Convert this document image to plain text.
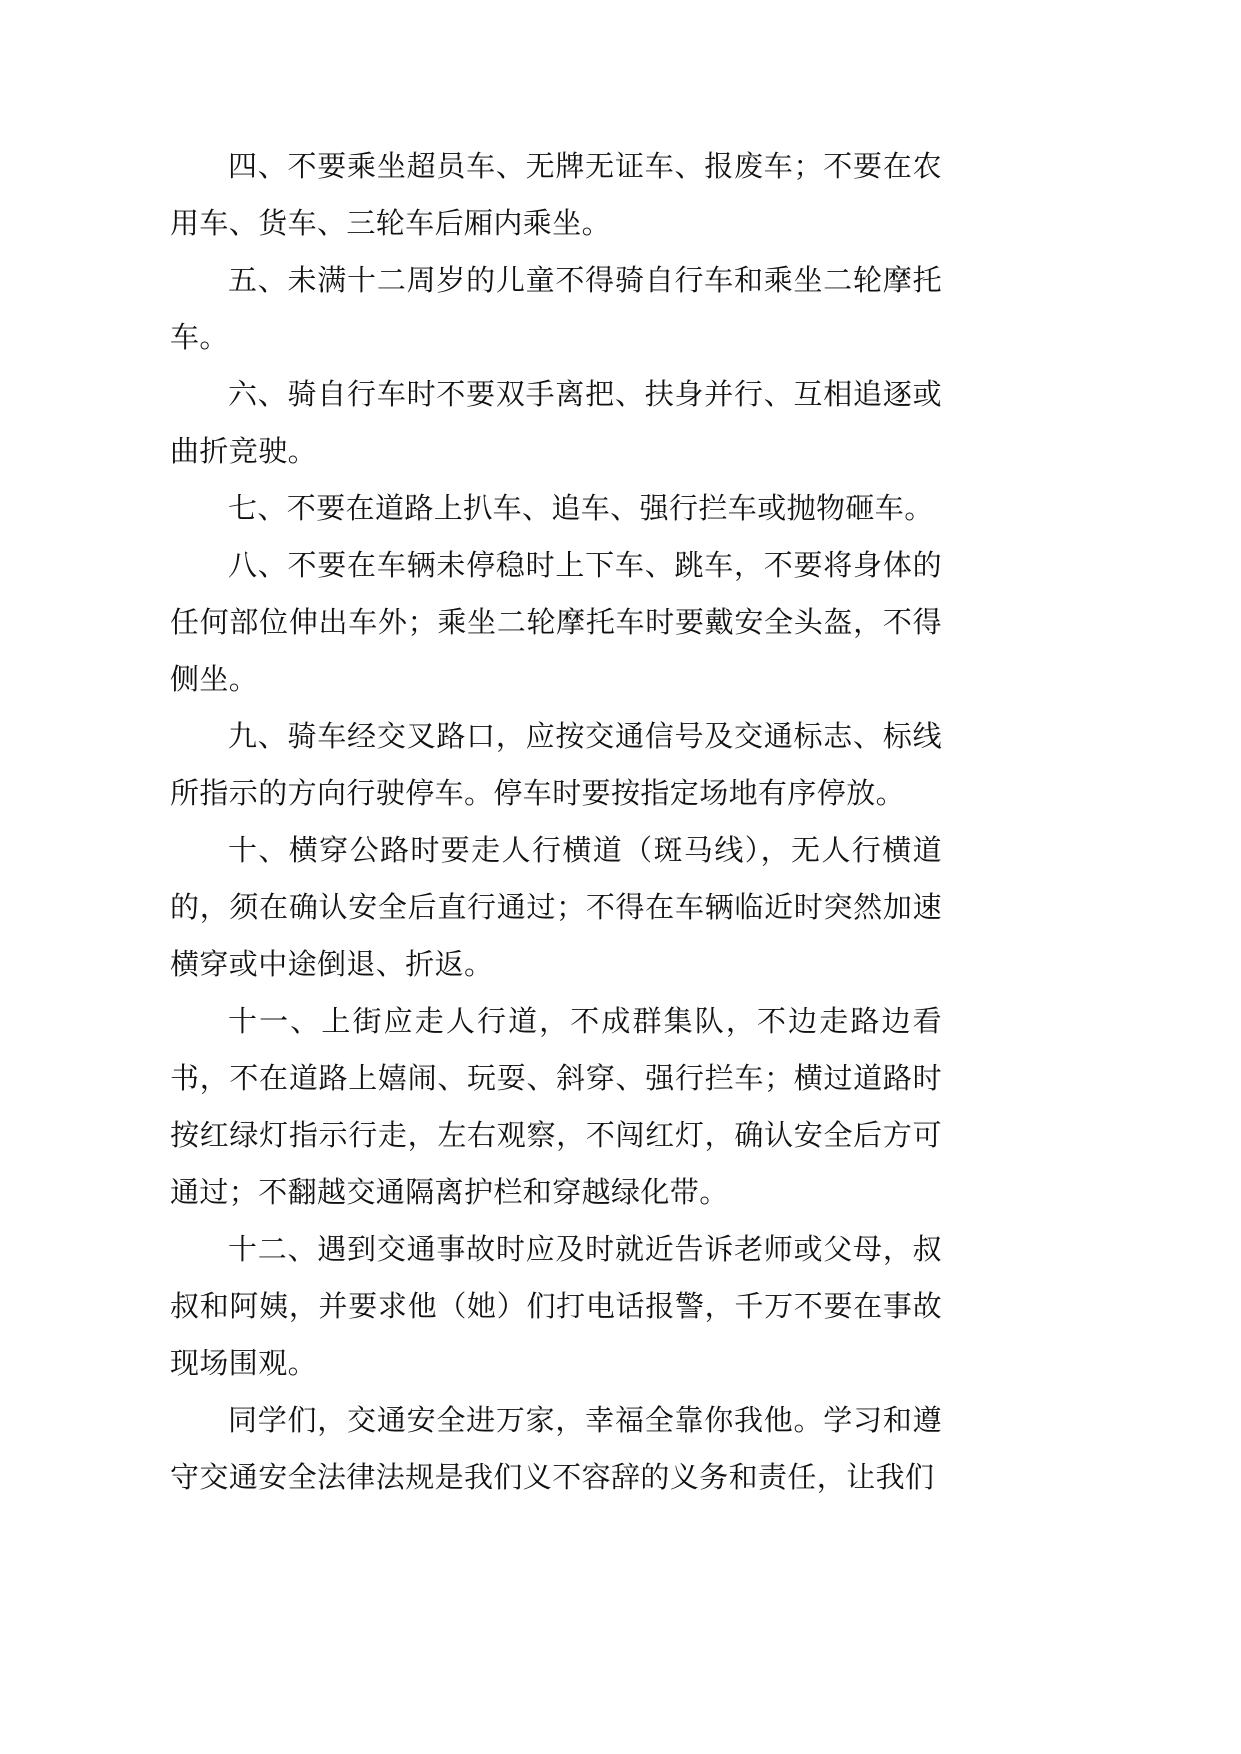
四、不要乘坐超员车、无牌无证车、报废车；不要在农用车、货车、三轮车后厢内乘坐。

五、未满十二周岁的儿童不得骑自行车和乘坐二轮摩托车。

六、骑自行车时不要双手离把、扶身并行、互相追逐或曲折竞驶。

七、不要在道路上扒车、追车、强行拦车或抛物砸车。

八、不要在车辆未停稳时上下车、跳车，不要将身体的任何部位伸出车外；乘坐二轮摩托车时要戴安全头盔，不得侧坐。

九、骑车经交叉路口，应按交通信号及交通标志、标线所指示的方向行驶停车。停车时要按指定场地有序停放。

十、横穿公路时要走人行横道（斑马线），无人行横道的，须在确认安全后直行通过；不得在车辆临近时突然加速横穿或中途倒退、折返。

十一、上街应走人行道，不成群集队，不边走路边看书，不在道路上嬉闹、玩耍、斜穿、强行拦车；横过道路时按红绿灯指示行走，左右观察，不闯红灯，确认安全后方可通过；不翻越交通隔离护栏和穿越绿化带。

十二、遇到交通事故时应及时就近告诉老师或父母，叔叔和阿姨，并要求他（她）们打电话报警，千万不要在事故现场围观。

同学们，交通安全进万家，幸福全靠你我他。学习和遵守交通安全法律法规是我们义不容辞的义务和责任，让我们
